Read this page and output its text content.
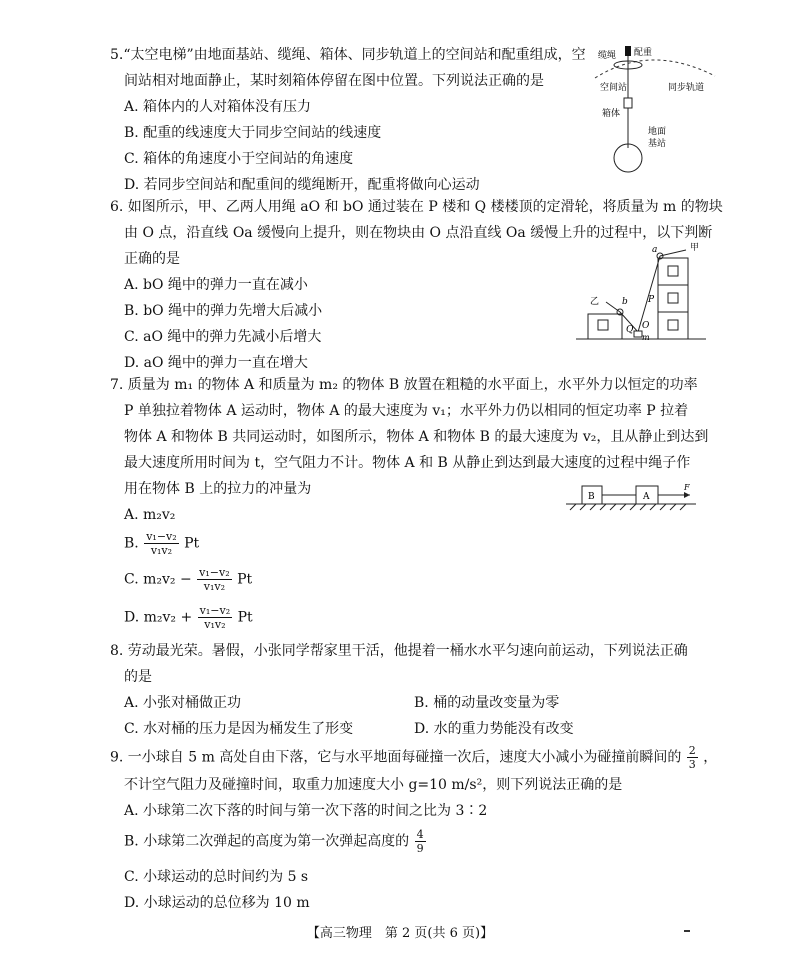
5.“太空电梯”由地面基站、缆绳、箱体、同步轨道上的空间站和配重组成，空
间站相对地面静止，某时刻箱体停留在图中位置。下列说法正确的是
A. 箱体内的人对箱体没有压力
B. 配重的线速度大于同步空间站的线速度
C. 箱体的角速度小于空间站的角速度
D. 若同步空间站和配重间的缆绳断开，配重将做向心运动
缆绳 配重
空间站	同步轨道
箱体
地面
基站
6. 如图所示，甲、乙两人用绳 aO 和 bO 通过装在 P 楼和 Q 楼楼顶的定滑轮，将质量为 m 的物块
由 O 点，沿直线 Oa 缓慢向上提升，则在物块由 O 点沿直线 Oa 缓慢上升的过程中，以下判断
正确的是
A. bO 绳中的弹力一直在减小
B. bO 绳中的弹力先增大后减小
C. aO 绳中的弹力先减小后增大
D. aO 绳中的弹力一直在增大
甲
乙
a
b P
Q O
m
7. 质量为 m₁ 的物体 A 和质量为 m₂ 的物体 B 放置在粗糙的水平面上，水平外力以恒定的功率
P 单独拉着物体 A 运动时，物体 A 的最大速度为 v₁；水平外力仍以相同的恒定功率 P 拉着
物体 A 和物体 B 共同运动时，如图所示，物体 A 和物体 B 的最大速度为 v₂，且从静止到达到
最大速度所用时间为 t，空气阻力不计。物体 A 和 B 从静止到达到最大速度的过程中绳子作
用在物体 B 上的拉力的冲量为
A. m₂v₂
B. $\frac{\text{v₁−v₂}}{\text{v₁v₂}}$ Pt
C. $m_2v_2 - \frac{\text{v₁−v₂}}{\text{v₁v₂}}$ Pt
D. $m_2v_2 + \frac{\text{v₁−v₂}}{\text{v₁v₂}}$ Pt
B	A
F
8. 劳动最光荣。暑假，小张同学帮家里干活，他提着一桶水水平匀速向前运动，下列说法正确
的是
A. 小张对桶做正功	B. 桶的动量改变量为零
C. 水对桶的压力是因为桶发生了形变	D. 水的重力势能没有改变
9. 一小球自 5 m 高处自由下落，它与水平地面每碰撞一次后，速度大小减小为碰撞前瞬间的 $\frac{2}{3}$ ，
不计空气阻力及碰撞时间，取重力加速度大小 g=10 m/s²，则下列说法正确的是
A. 小球第二次下落的时间与第一次下落的时间之比为 3∶2
B. 小球第二次弹起的高度为第一次弹起高度的 $\frac{4}{9}$
C. 小球运动的总时间约为 5 s
D. 小球运动的总位移为 10 m
【高三物理　第 2 页(共 6 页)】
